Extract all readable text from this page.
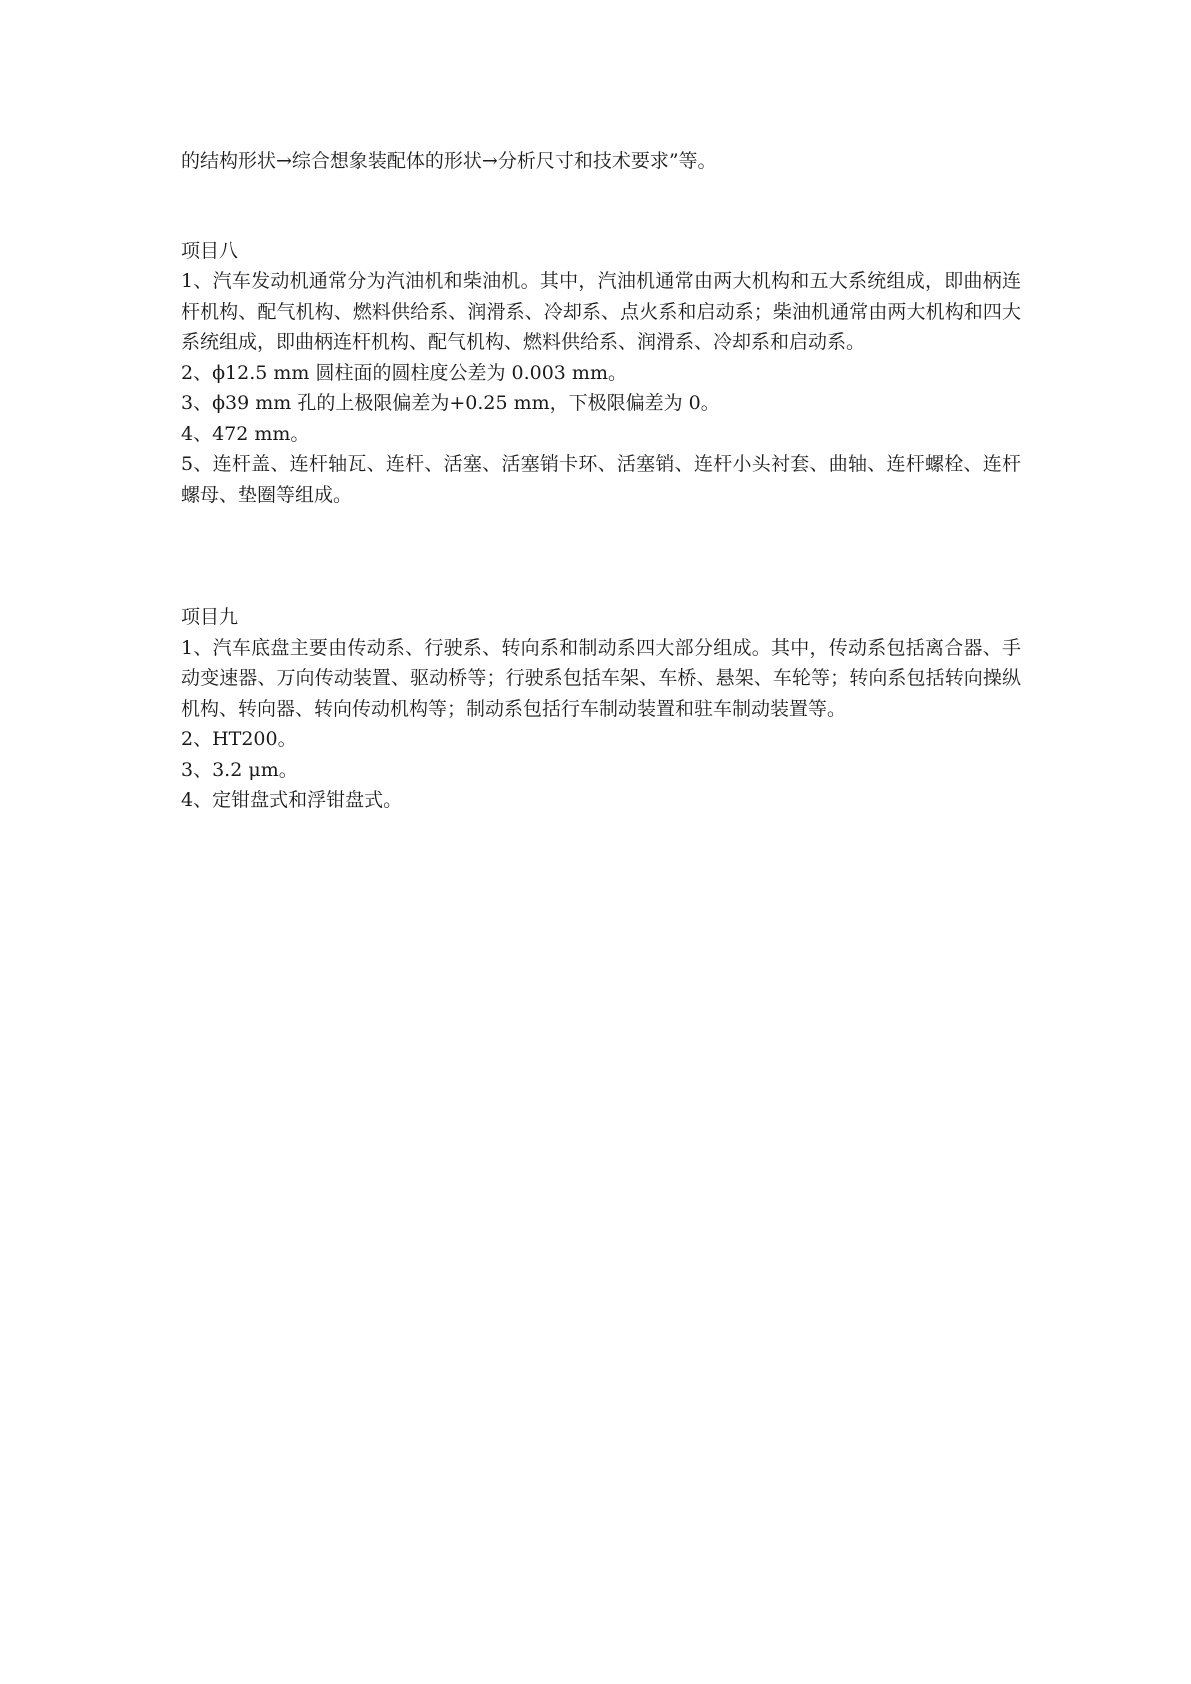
的结构形状→综合想象装配体的形状→分析尺寸和技术要求”等。

项目八

1、汽车发动机通常分为汽油机和柴油机。其中，汽油机通常由两大机构和五大系统组成，即曲柄连杆机构、配气机构、燃料供给系、润滑系、冷却系、点火系和启动系；柴油机通常由两大机构和四大系统组成，即曲柄连杆机构、配气机构、燃料供给系、润滑系、冷却系和启动系。

2、ϕ12.5 mm 圆柱面的圆柱度公差为 0.003 mm。

3、ϕ39 mm 孔的上极限偏差为+0.25 mm，下极限偏差为 0。

4、472 mm。

5、连杆盖、连杆轴瓦、连杆、活塞、活塞销卡环、活塞销、连杆小头衬套、曲轴、连杆螺栓、连杆螺母、垫圈等组成。

项目九

1、汽车底盘主要由传动系、行驶系、转向系和制动系四大部分组成。其中，传动系包括离合器、手动变速器、万向传动装置、驱动桥等；行驶系包括车架、车桥、悬架、车轮等；转向系包括转向操纵机构、转向器、转向传动机构等；制动系包括行车制动装置和驻车制动装置等。

2、HT200。

3、3.2 μm。

4、定钳盘式和浮钳盘式。
